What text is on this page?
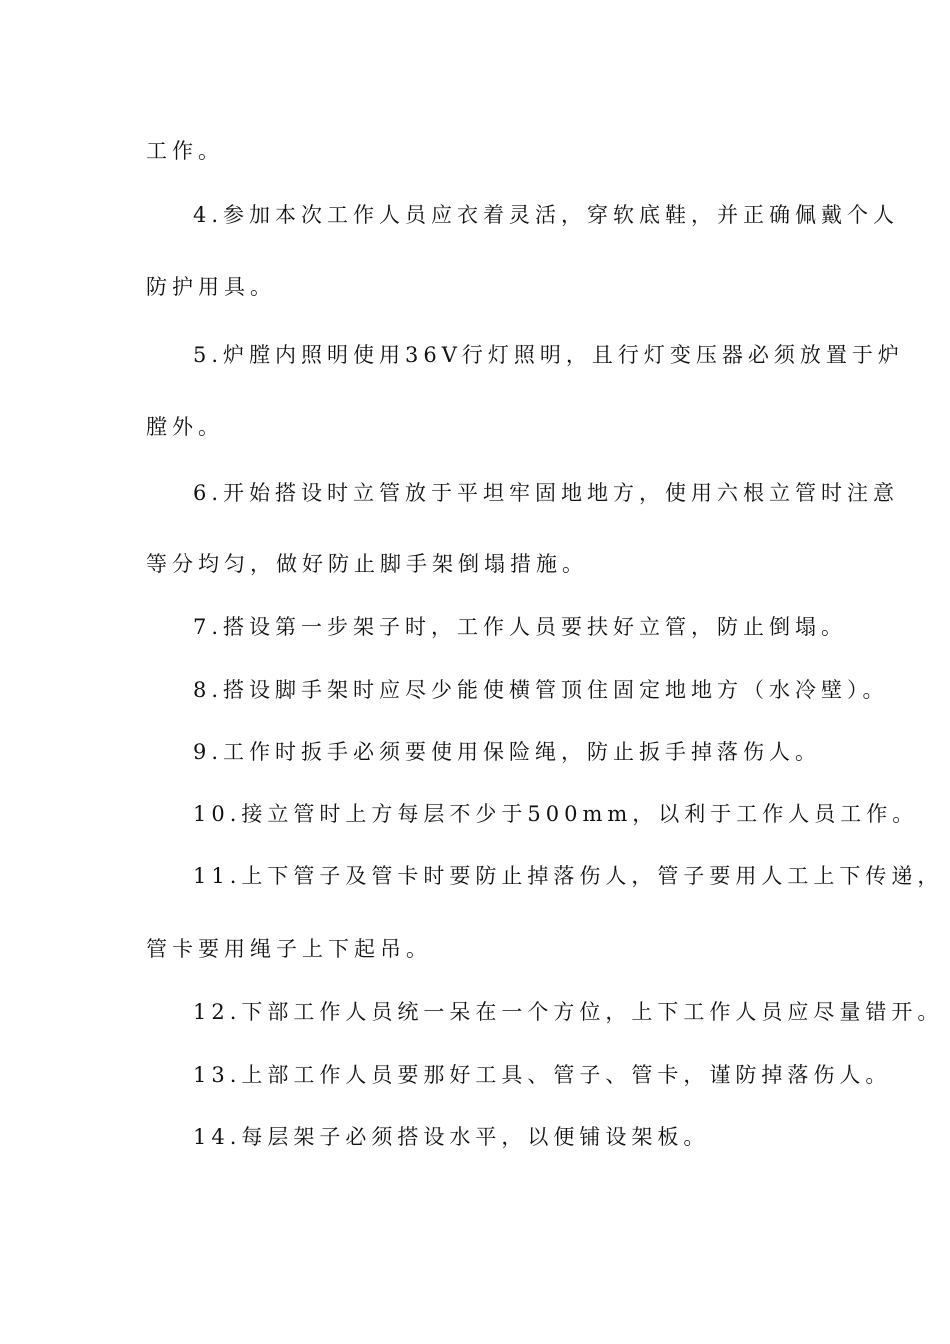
工作。
4.参加本次工作人员应衣着灵活，穿软底鞋，并正确佩戴个人
防护用具。
5.炉膛内照明使用36V行灯照明，且行灯变压器必须放置于炉
膛外。
6.开始搭设时立管放于平坦牢固地地方，使用六根立管时注意
等分均匀，做好防止脚手架倒塌措施。
7.搭设第一步架子时，工作人员要扶好立管，防止倒塌。
8.搭设脚手架时应尽少能使横管顶住固定地地方（水冷壁）。
9.工作时扳手必须要使用保险绳，防止扳手掉落伤人。
10.接立管时上方每层不少于500mm，以利于工作人员工作。
11.上下管子及管卡时要防止掉落伤人，管子要用人工上下传递，
管卡要用绳子上下起吊。
12.下部工作人员统一呆在一个方位，上下工作人员应尽量错开。
13.上部工作人员要那好工具、管子、管卡，谨防掉落伤人。
14.每层架子必须搭设水平，以便铺设架板。
